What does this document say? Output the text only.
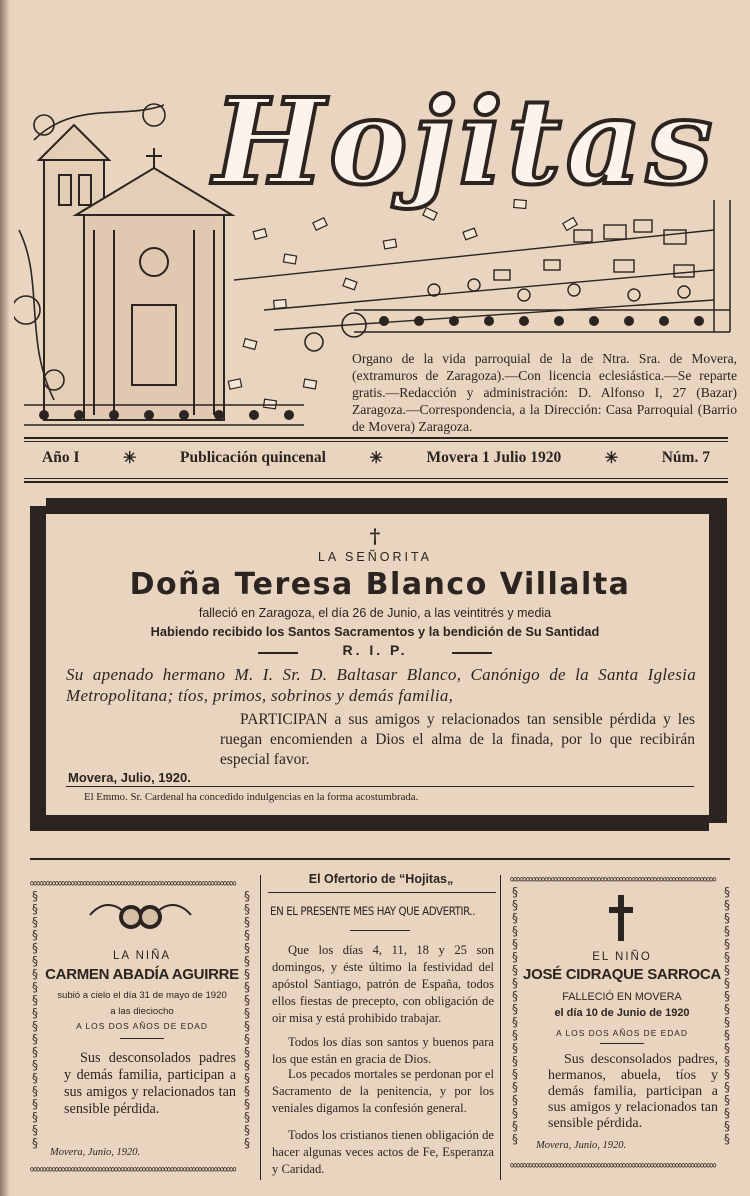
Hojitas
Organo de la vida parroquial de la de Ntra. Sra. de Movera, (extramuros de Zaragoza).—Con licencia eclesiástica.—Se reparte gratis.—Redacción y administración: D. Alfonso I, 27 (Bazar) Zaragoza.—Correspondencia, a la Dirección: Casa Parroquial (Barrio de Movera) Zaragoza.
Año I	✳	Publicación quincenal	✳	Movera 1 Julio 1920	✳	Núm. 7
†
LA SEÑORITA
Doña Teresa Blanco Villalta
falleció en Zaragoza, el día 26 de Junio, a las veintitrés y media
Habiendo recibido los Santos Sacramentos y la bendición de Su Santidad
R. I. P.
Su apenado hermano M. I. Sr. D. Baltasar Blanco, Canónigo de la Santa Iglesia Metropolitana; tíos, primos, sobrinos y demás familia,
PARTICIPAN a sus amigos y relacionados tan sensible pérdida y les ruegan encomienden a Dios el alma de la finada, por lo que recibirán especial favor.
Movera, Julio, 1920.
El Emmo. Sr. Cardenal ha concedido indulgencias en la forma acostumbrada.
∞∞∞∞∞∞∞∞∞∞∞∞∞∞∞∞∞∞∞∞∞∞∞∞∞∞∞∞∞∞∞∞∞
∞∞∞∞∞∞∞∞∞∞∞∞∞∞∞∞∞∞∞∞∞∞∞∞∞∞∞∞∞∞∞∞∞
§ § § § § § § § § § § § § § § § § § § §
§ § § § § § § § § § § § § § § § § § § §
LA NIÑA
CARMEN ABADÍA AGUIRRE
subió a cielo el día 31 de mayo de 1920
a las dieciocho
A LOS DOS AÑOS DE EDAD
Sus desconsolados padres y demás familia, participan a sus amigos y relacionados tan sensible pérdida.
Movera, Junio, 1920.
El Ofertorio de “Hojitas„
EN EL PRESENTE MES HAY QUE ADVERTIR..
Que los días 4, 11, 18 y 25 son domingos, y éste último la festividad del apóstol Santiago, patrón de España, todos ellos fiestas de precepto, con obligación de oir misa y está prohibido trabajar.
Todos los días son santos y buenos para los que están en gracia de Dios.
Los pecados mortales se perdonan por el Sacramento de la penitencia, y por los veniales digamos la confesión general.
Todos los cristianos tienen obligación de hacer algunas veces actos de Fe, Esperanza y Caridad.
∞∞∞∞∞∞∞∞∞∞∞∞∞∞∞∞∞∞∞∞∞∞∞∞∞∞∞∞∞∞∞∞∞
∞∞∞∞∞∞∞∞∞∞∞∞∞∞∞∞∞∞∞∞∞∞∞∞∞∞∞∞∞∞∞∞∞
§ § § § § § § § § § § § § § § § § § § §
§ § § § § § § § § § § § § § § § § § § §
EL NIÑO
JOSÉ CIDRAQUE SARROCA
FALLECIÓ EN MOVERA
el día 10 de Junio de 1920
A LOS DOS AÑOS DE EDAD
Sus desconsolados padres, hermanos, abuela, tíos y demás familia, participan a sus amigos y relacionados tan sensible pérdida.
Movera, Junio, 1920.
